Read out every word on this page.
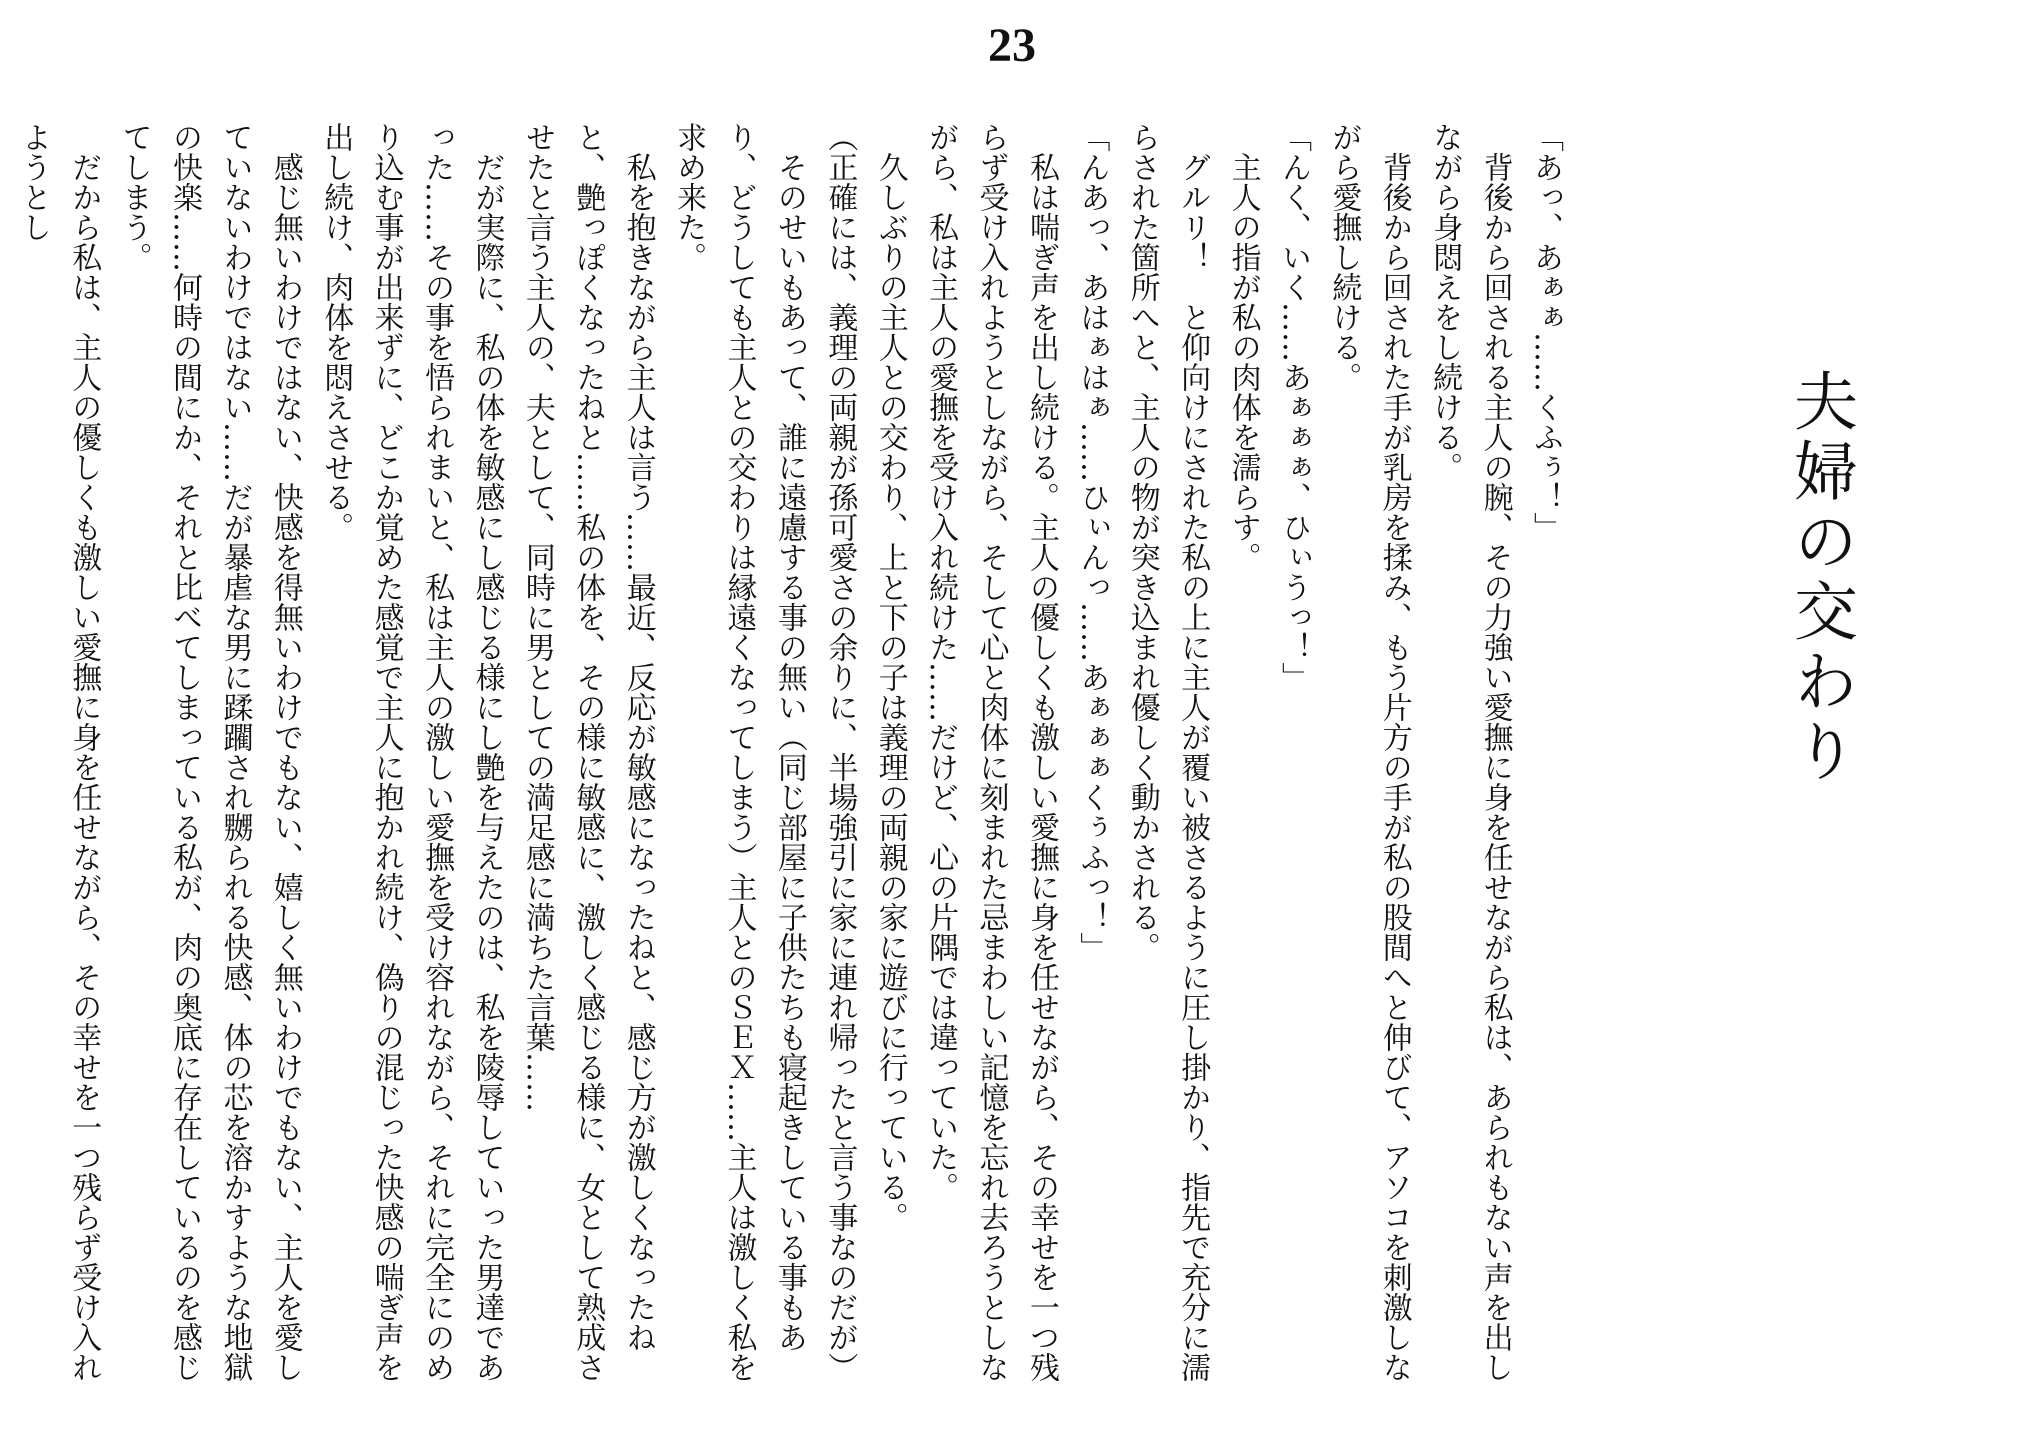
23
夫婦の交わり

「あっ、あぁぁ……くふぅ！」

　背後から回される主人の腕、その力強い愛撫に身を任せながら私は、あられもない声を出しながら身悶えをし続ける。

　背後から回された手が乳房を揉み、もう片方の手が私の股間へと伸びて、アソコを刺激しながら愛撫し続ける。

「んく、いく……あぁぁぁ、ひぃうっ！」

　主人の指が私の肉体を濡らす。

　グルリ！　と仰向けにされた私の上に主人が覆い被さるように圧し掛かり、指先で充分に濡らされた箇所へと、主人の物が突き込まれ優しく動かされる。

「んあっ、あはぁはぁ……ひぃんっ……あぁぁぁくぅふっ！」

　私は喘ぎ声を出し続ける。主人の優しくも激しい愛撫に身を任せながら、その幸せを一つ残らず受け入れようとしながら、そして心と肉体に刻まれた忌まわしい記憶を忘れ去ろうとしながら、私は主人の愛撫を受け入れ続けた……だけど、心の片隅では違っていた。

　久しぶりの主人との交わり、上と下の子は義理の両親の家に遊びに行っている。

（正確には、義理の両親が孫可愛さの余りに、半場強引に家に連れ帰ったと言う事なのだが）

　そのせいもあって、誰に遠慮する事の無い（同じ部屋に子供たちも寝起きしている事もあり、どうしても主人との交わりは縁遠くなってしまう）主人とのＳＥＸ……主人は激しく私を求め来た。

　私を抱きながら主人は言う……最近、反応が敏感になったねと、感じ方が激しくなったねと、艶っぽくなったねと……私の体を、その様に敏感に、激しく感じる様に、女として熟成させたと言う主人の、夫として、同時に男としての満足感に満ちた言葉……

　だが実際に、私の体を敏感にし感じる様にし艶を与えたのは、私を陵辱していった男達であった……その事を悟られまいと、私は主人の激しい愛撫を受け容れながら、それに完全にのめり込む事が出来ずに、どこか覚めた感覚で主人に抱かれ続け、偽りの混じった快感の喘ぎ声を出し続け、肉体を悶えさせる。

　感じ無いわけではない、快感を得無いわけでもない、嬉しく無いわけでもない、主人を愛していないわけではない……だが暴虐な男に蹂躙され嬲られる快感、体の芯を溶かすような地獄の快楽……何時の間にか、それと比べてしまっている私が、肉の奥底に存在しているのを感じてしまう。

　だから私は、主人の優しくも激しい愛撫に身を任せながら、その幸せを一つ残らず受け入れようとし
